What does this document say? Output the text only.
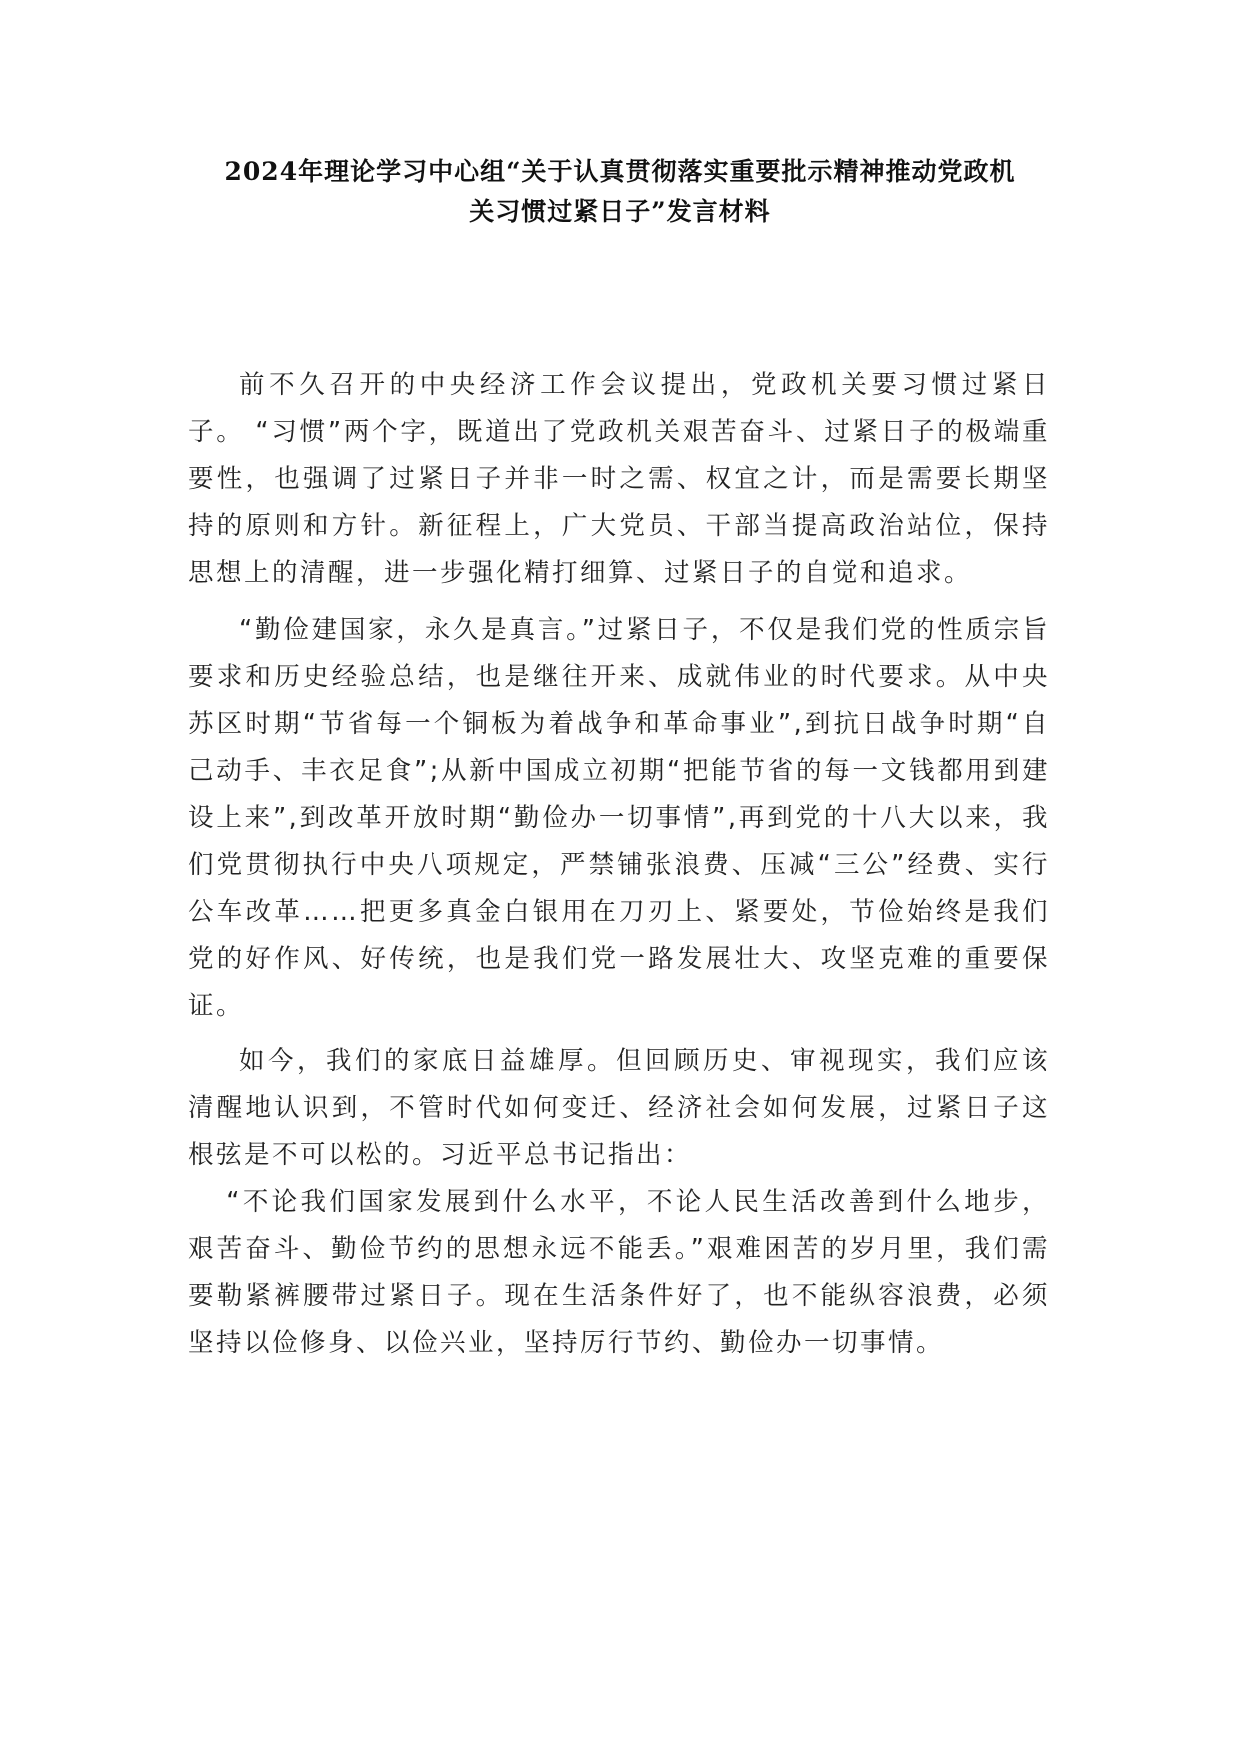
2024年理论学习中心组“关于认真贯彻落实重要批示精神推动党政机
关习惯过紧日子”发言材料

前不久召开的中央经济工作会议提出，党政机关要习惯过紧日子。 “习惯”两个字，既道出了党政机关艰苦奋斗、过紧日子的极端重要性，也强调了过紧日子并非一时之需、权宜之计，而是需要长期坚持的原则和方针。新征程上，广大党员、干部当提高政治站位，保持思想上的清醒，进一步强化精打细算、过紧日子的自觉和追求。

“勤俭建国家，永久是真言。”过紧日子，不仅是我们党的性质宗旨要求和历史经验总结，也是继往开来、成就伟业的时代要求。从中央苏区时期“节省每一个铜板为着战争和革命事业”,到抗日战争时期“自己动手、丰衣足食”;从新中国成立初期“把能节省的每一文钱都用到建设上来”,到改革开放时期“勤俭办一切事情”,再到党的十八大以来，我们党贯彻执行中央八项规定，严禁铺张浪费、压减“三公”经费、实行公车改革……把更多真金白银用在刀刃上、紧要处，节俭始终是我们党的好作风、好传统，也是我们党一路发展壮大、攻坚克难的重要保证。

如今，我们的家底日益雄厚。但回顾历史、审视现实，我们应该清醒地认识到，不管时代如何变迁、经济社会如何发展，过紧日子这根弦是不可以松的。习近平总书记指出：

“不论我们国家发展到什么水平，不论人民生活改善到什么地步，艰苦奋斗、勤俭节约的思想永远不能丢。”艰难困苦的岁月里，我们需要勒紧裤腰带过紧日子。现在生活条件好了，也不能纵容浪费，必须坚持以俭修身、以俭兴业，坚持厉行节约、勤俭办一切事情。
